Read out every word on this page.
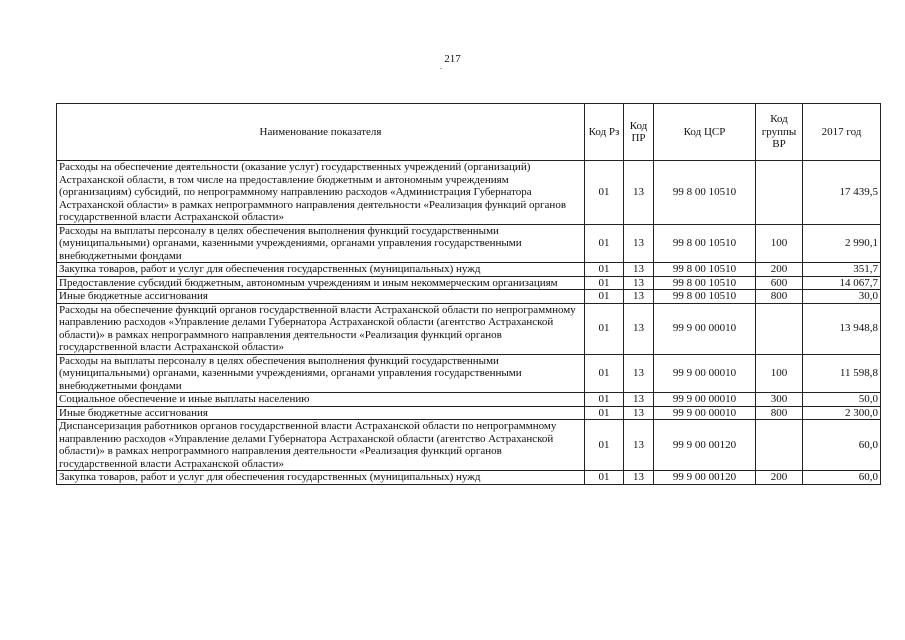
217
.
Наименование показателя	Код Рз	Код ПР	Код ЦСР	Код группы ВР	2017 год
Расходы на обеспечение деятельности (оказание услуг) государственных учреждений (организаций) Астраханской области, в том числе на предоставление бюджетным и автономным учреждениям (организациям) субсидий, по непрограммному направлению расходов «Администрация Губернатора Астраханской области» в рамках непрограммного направления деятельности «Реализация функций органов государственной власти Астраханской области»	01	13	99 8 00 10510		17 439,5
Расходы на выплаты персоналу в целях обеспечения выполнения функций государственными (муниципальными) органами, казенными учреждениями, органами управления государственными внебюджетными фондами	01	13	99 8 00 10510	100	2 990,1
Закупка товаров, работ и услуг для обеспечения государственных (муниципальных) нужд	01	13	99 8 00 10510	200	351,7
Предоставление субсидий бюджетным, автономным учреждениям и иным некоммерческим организациям	01	13	99 8 00 10510	600	14 067,7
Иные бюджетные ассигнования	01	13	99 8 00 10510	800	30,0
Расходы на обеспечение функций органов государственной власти Астраханской области по непрограммному направлению расходов «Управление делами Губернатора Астраханской области (агентство Астраханской области)» в рамках непрограммного направления деятельности «Реализация функций органов государственной власти Астраханской области»	01	13	99 9 00 00010		13 948,8
Расходы на выплаты персоналу в целях обеспечения выполнения функций государственными (муниципальными) органами, казенными учреждениями, органами управления государственными внебюджетными фондами	01	13	99 9 00 00010	100	11 598,8
Социальное обеспечение и иные выплаты населению	01	13	99 9 00 00010	300	50,0
Иные бюджетные ассигнования	01	13	99 9 00 00010	800	2 300,0
Диспансеризация работников органов государственной власти Астраханской области по непрограммному направлению расходов «Управление делами Губернатора Астраханской области (агентство Астраханской области)» в рамках непрограммного направления деятельности «Реализация функций органов государственной власти Астраханской области»	01	13	99 9 00 00120		60,0
Закупка товаров, работ и услуг для обеспечения государственных (муниципальных) нужд	01	13	99 9 00 00120	200	60,0
